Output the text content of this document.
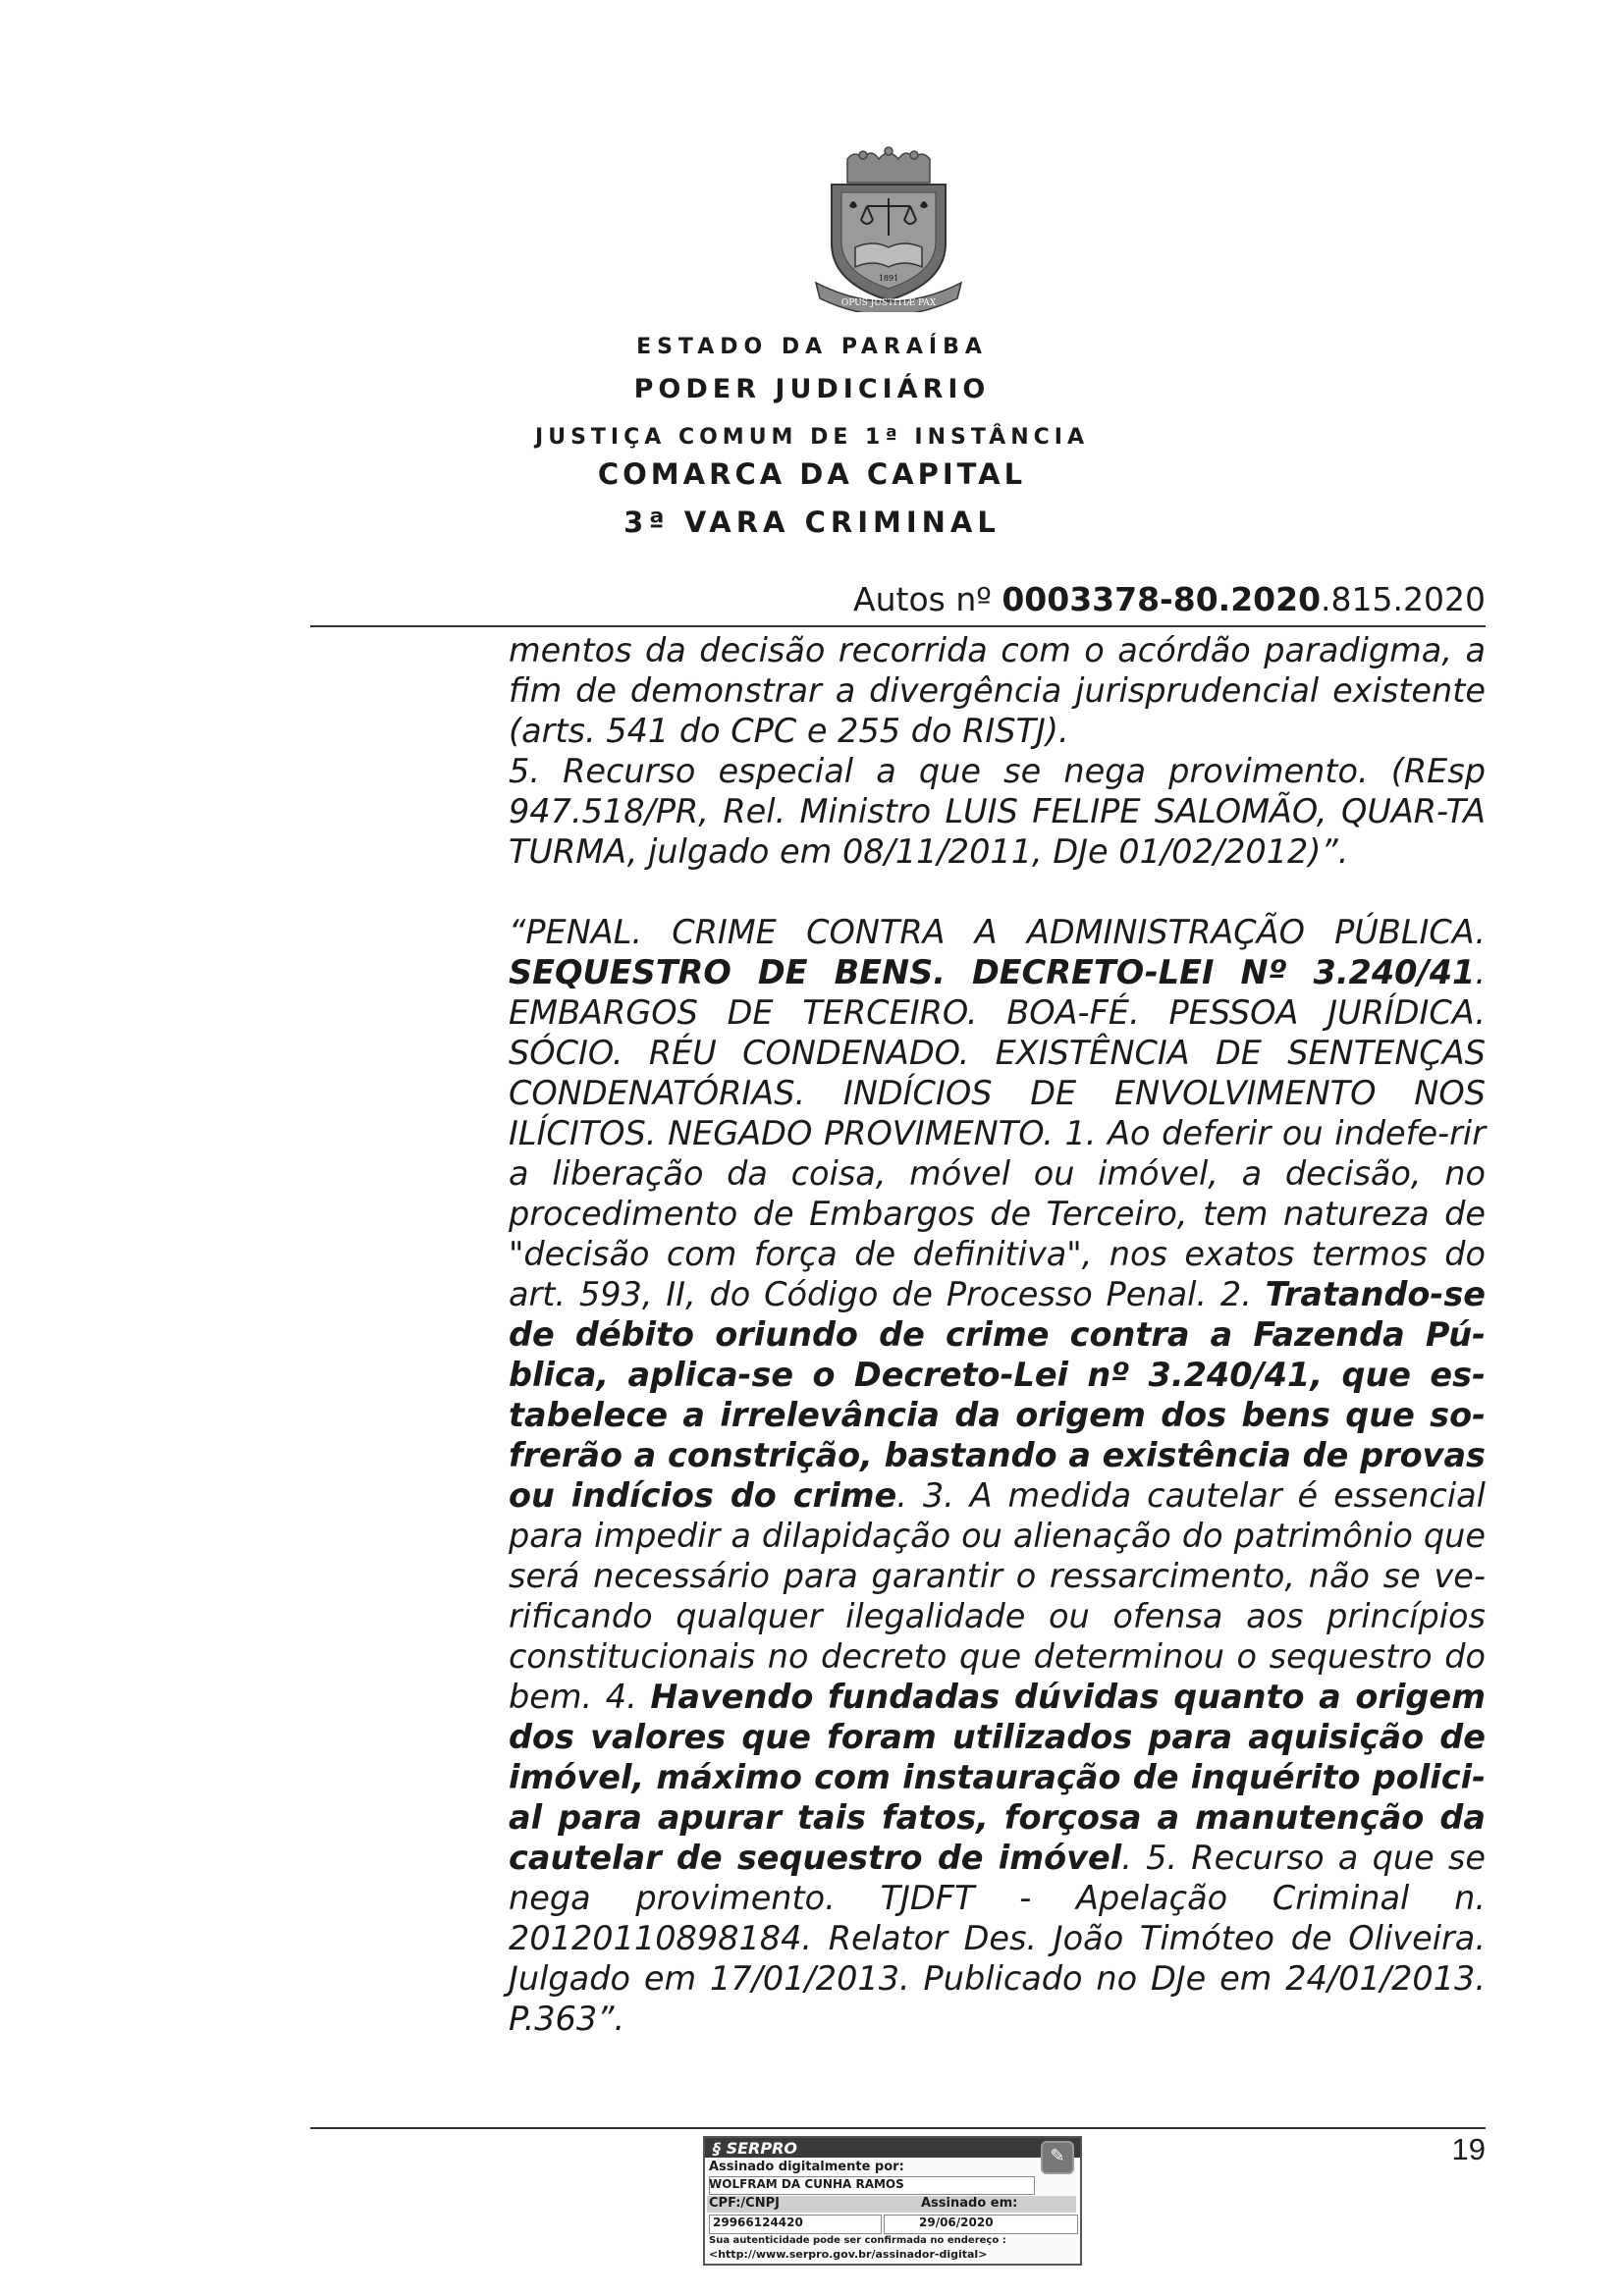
1891
OPUS JUSTITIÆ PAX
ESTADO DA PARAÍBA
PODER JUDICIÁRIO
JUSTIÇA COMUM DE 1ª INSTÂNCIA
COMARCA DA CAPITAL
3ª VARA CRIMINAL
Autos nº 0003378-80.2020.815.2020

mentos da decisão recorrida com o acórdão paradigma, a fim de demonstrar a divergência jurisprudencial existente (arts. 541 do CPC e 255 do RISTJ).
5. Recurso especial a que se nega provimento. (REsp 947.518/PR, Rel. Ministro LUIS FELIPE SALOMÃO, QUAR-TA TURMA, julgado em 08/11/2011, DJe 01/02/2012)”.

“PENAL. CRIME CONTRA A ADMINISTRAÇÃO PÚBLICA. SEQUESTRO DE BENS. DECRETO-LEI Nº 3.240/41. EMBARGOS DE TERCEIRO. BOA-FÉ. PESSOA JURÍDICA. SÓCIO. RÉU CONDENADO. EXISTÊNCIA DE SENTENÇAS CONDENATÓRIAS. INDÍCIOS DE ENVOLVIMENTO NOS ILÍCITOS. NEGADO PROVIMENTO. 1. Ao deferir ou indefe-rir a liberação da coisa, móvel ou imóvel, a decisão, no procedimento de Embargos de Terceiro, tem natureza de "decisão com força de definitiva", nos exatos termos do art. 593, II, do Código de Processo Penal. 2. Tratando-se de débito oriundo de crime contra a Fazenda Pú-blica, aplica-se o Decreto-Lei nº 3.240/41, que es-tabelece a irrelevância da origem dos bens que so-frerão a constrição, bastando a existência de provas ou indícios do crime. 3. A medida cautelar é essencial para impedir a dilapidação ou alienação do patrimônio que será necessário para garantir o ressarcimento, não se ve-rificando qualquer ilegalidade ou ofensa aos princípios constitucionais no decreto que determinou o sequestro do bem. 4. Havendo fundadas dúvidas quanto a origem dos valores que foram utilizados para aquisição de imóvel, máximo com instauração de inquérito polici-al para apurar tais fatos, forçosa a manutenção da cautelar de sequestro de imóvel. 5. Recurso a que se nega provimento. TJDFT - Apelação Criminal n. 20120110898184. Relator Des. João Timóteo de Oliveira. Julgado em 17/01/2013. Publicado no DJe em 24/01/2013. P.363”.

19
§ SERPRO	✎
Assinado digitalmente por:
WOLFRAM DA CUNHA RAMOS
CPF:/CNPJ	Assinado em:
29966124420	29/06/2020
Sua autenticidade pode ser confirmada no endereço :
<http://www.serpro.gov.br/assinador-digital>
